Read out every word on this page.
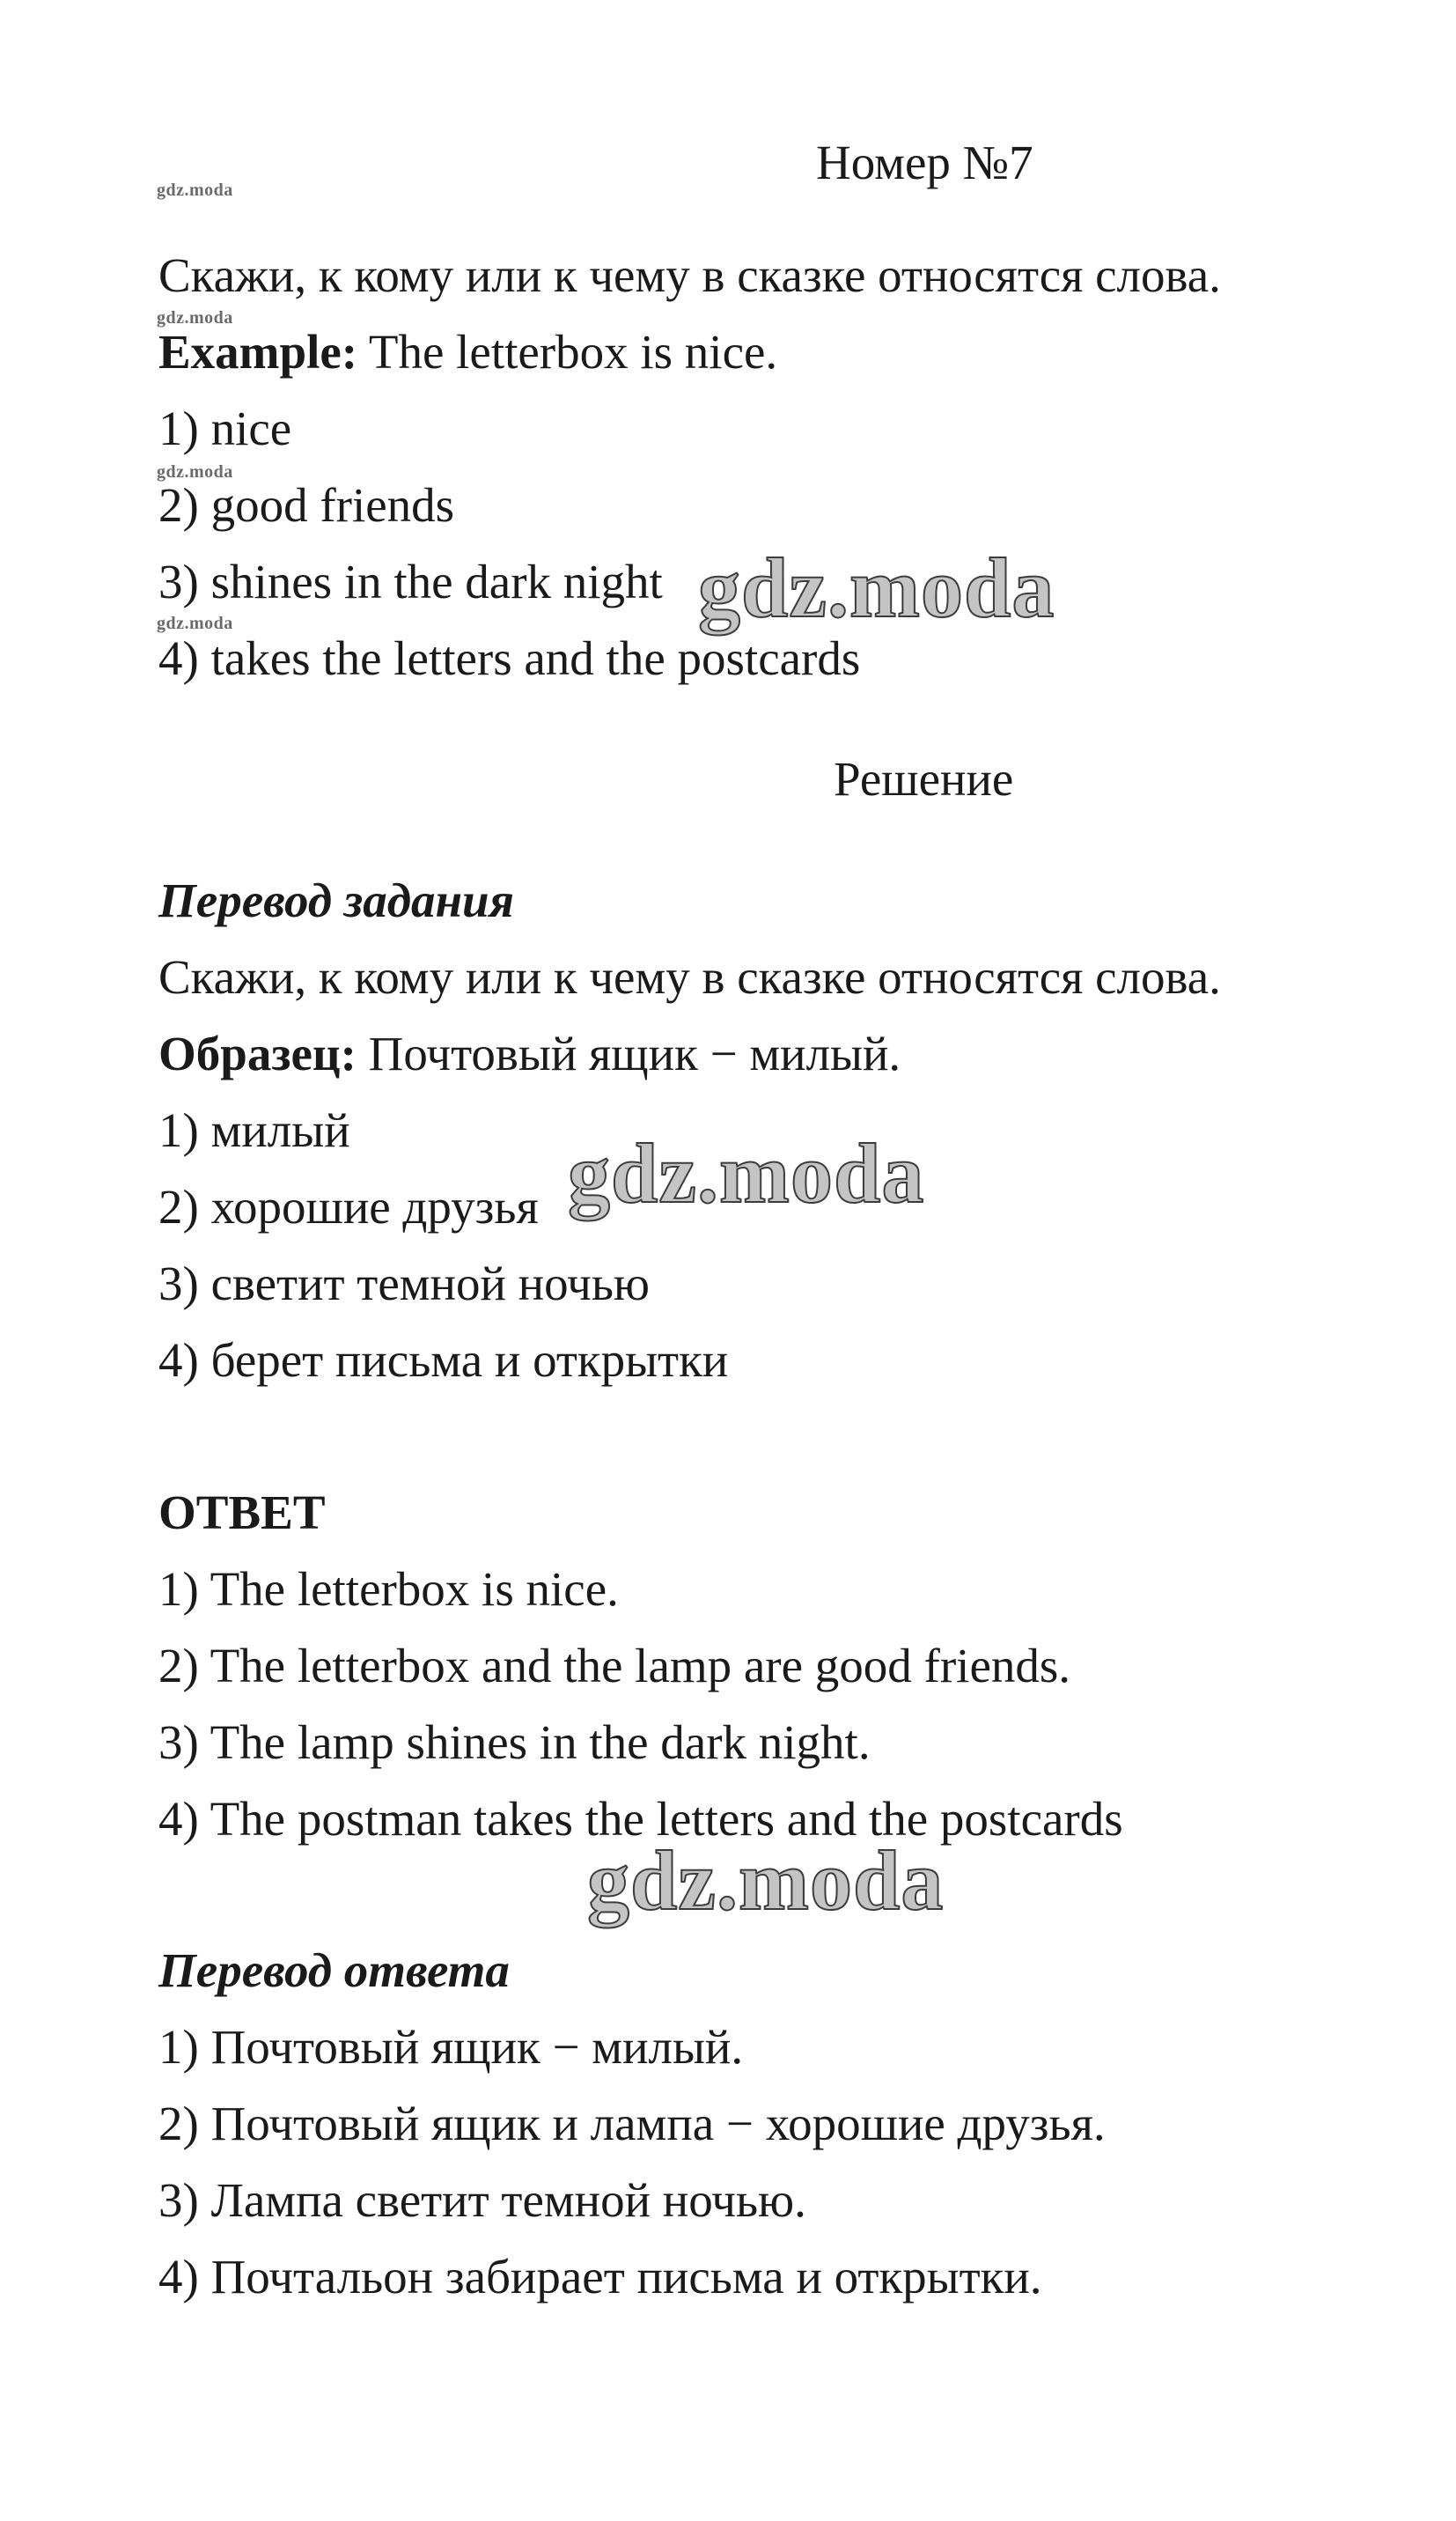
gdz.moda
gdz.moda
gdz.moda
gdz.moda
Номер №7
Скажи, к кому или к чему в сказке относятся слова.
Example: The letterbox is nice.
1) nice
2) good friends
3) shines in the dark night
4) takes the letters and the postcards
gdz.moda
Решение
Перевод задания
Скажи, к кому или к чему в сказке относятся слова.
Образец: Почтовый ящик − милый.
1) милый
2) хорошие друзья
3) светит темной ночью
4) берет письма и открытки
gdz.moda
ОТВЕТ
1) The letterbox is nice.
2) The letterbox and the lamp are good friends.
3) The lamp shines in the dark night.
4) The postman takes the letters and the postcards
gdz.moda
Перевод ответа
1) Почтовый ящик − милый.
2) Почтовый ящик и лампа − хорошие друзья.
3) Лампа светит темной ночью.
4) Почтальон забирает письма и открытки.
